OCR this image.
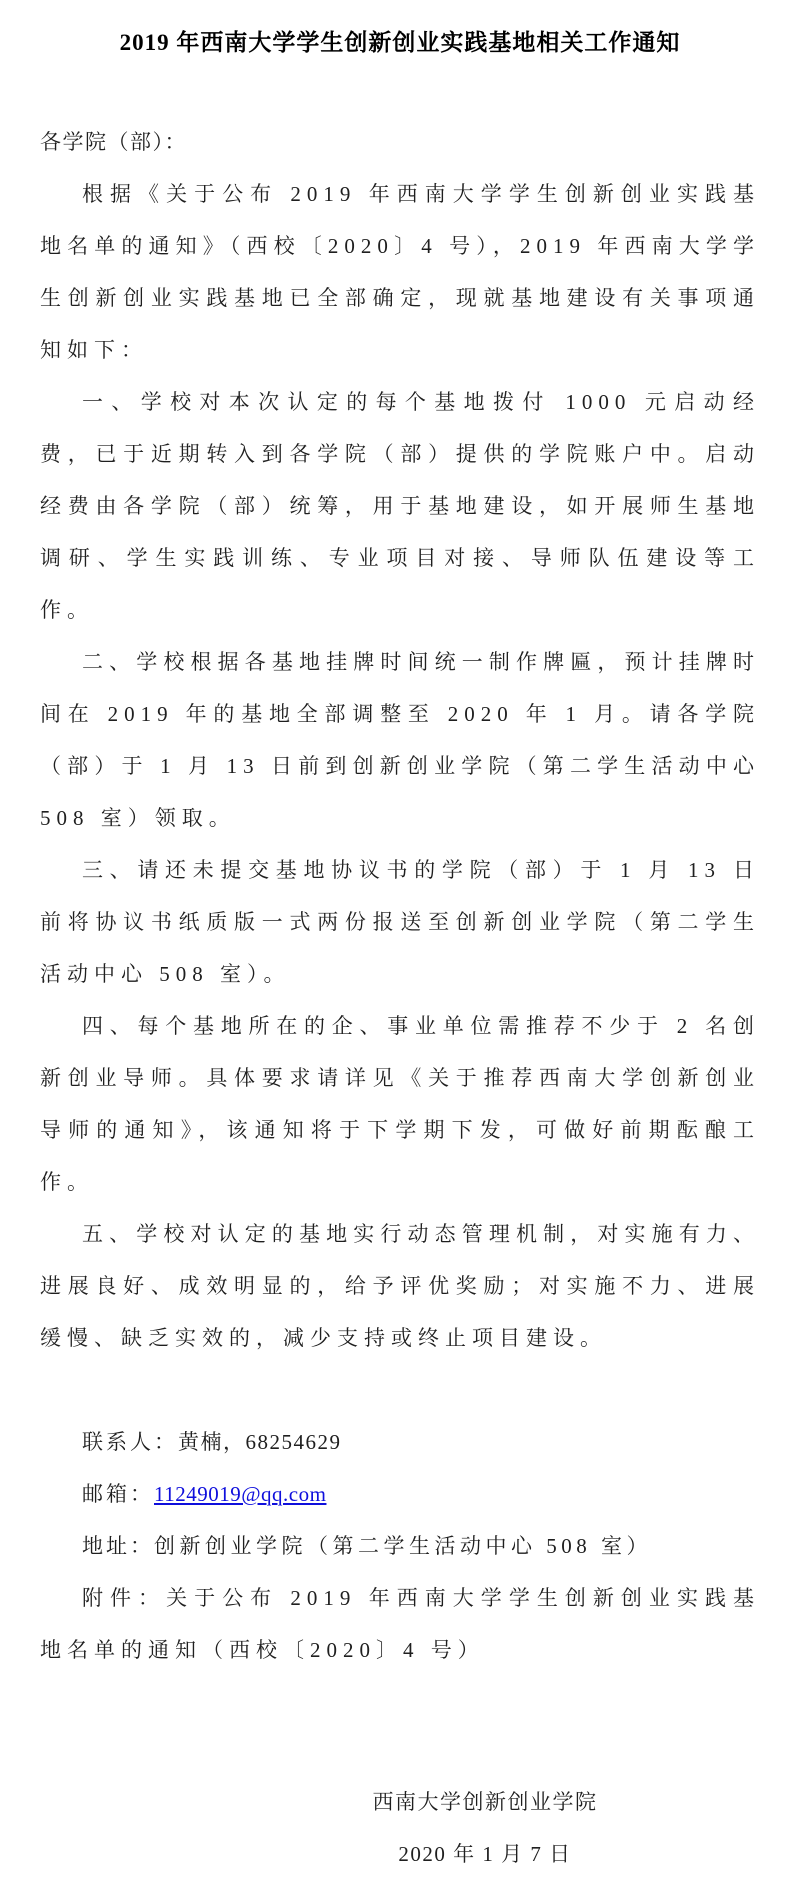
2019 年西南大学学生创新创业实践基地相关工作通知

各学院（部）：

根据《关于公布 2019 年西南大学学生创新创业实践基地名单的通知》（西校〔2020〕4 号），2019 年西南大学学生创新创业实践基地已全部确定，现就基地建设有关事项通知如下：

一、学校对本次认定的每个基地拨付 1000 元启动经费，已于近期转入到各学院（部）提供的学院账户中。启动经费由各学院（部）统筹，用于基地建设，如开展师生基地调研、学生实践训练、专业项目对接、导师队伍建设等工作。

二、学校根据各基地挂牌时间统一制作牌匾，预计挂牌时间在 2019 年的基地全部调整至 2020 年 1 月。请各学院（部）于 1 月 13 日前到创新创业学院（第二学生活动中心 508 室）领取。

三、请还未提交基地协议书的学院（部）于 1 月 13 日前将协议书纸质版一式两份报送至创新创业学院（第二学生活动中心 508 室）。

四、每个基地所在的企、事业单位需推荐不少于 2 名创新创业导师。具体要求请详见《关于推荐西南大学创新创业导师的通知》，该通知将于下学期下发，可做好前期酝酿工作。

五、学校对认定的基地实行动态管理机制，对实施有力、进展良好、成效明显的，给予评优奖励；对实施不力、进展缓慢、缺乏实效的，减少支持或终止项目建设。

联系人：黄楠，68254629

邮箱：11249019@qq.com

地址：创新创业学院（第二学生活动中心 508 室）

附件：关于公布 2019 年西南大学学生创新创业实践基地名单的通知（西校〔2020〕4 号）

西南大学创新创业学院

2020 年 1 月 7 日
